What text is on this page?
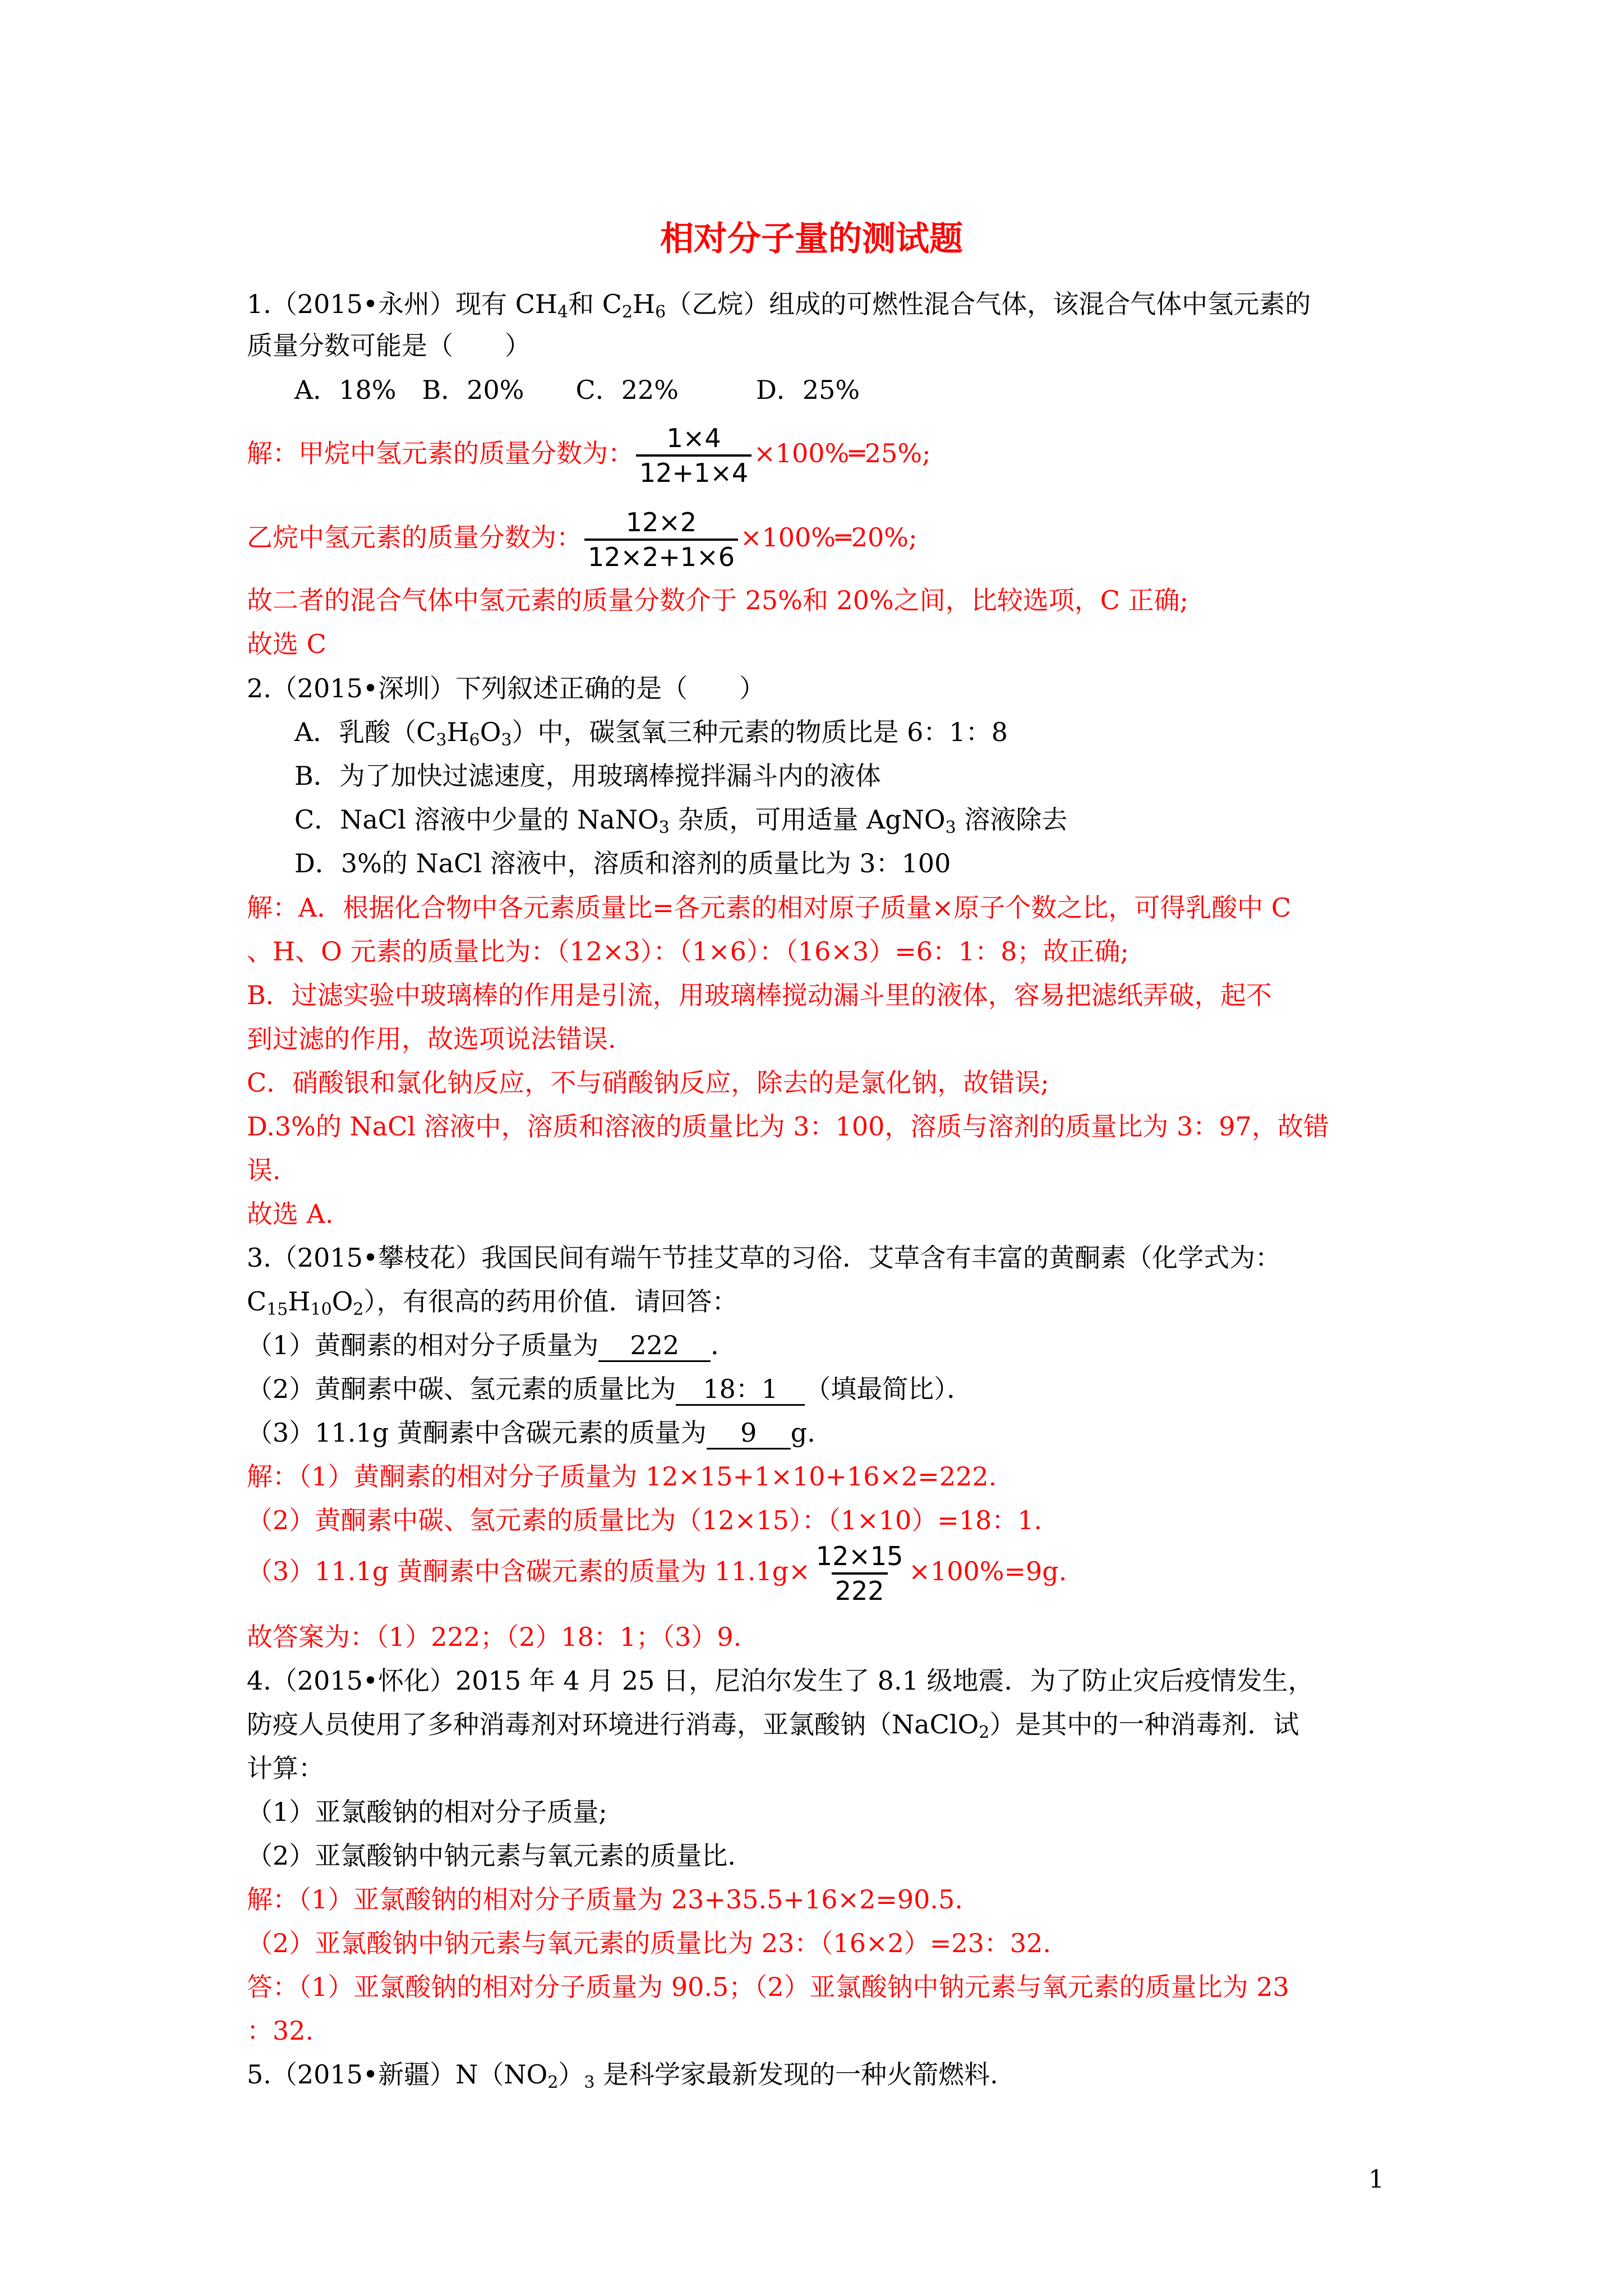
相对分子量的测试题
1.（2015•永州）现有 $CH_4$和 $C_2H_6$（乙烷）组成的可燃性混合气体，该混合气体中氢元素的
质量分数可能是（　　）
A．18%　B．20%　　C．22%　　　D．25%
解：甲烷中氢元素的质量分数为： $\frac{1\times 4}{12+1\times 4}$ ×100%═25%;
乙烷中氢元素的质量分数为： $\frac{12\times 2}{12\times 2+1\times 6}$ ×100%═20%;
故二者的混合气体中氢元素的质量分数介于 25%和 20%之间，比较选项，C 正确;
故选 C
2.（2015•深圳）下列叙述正确的是（　　）
A．乳酸$(C_3H_6O_3)$中，碳氢氧三种元素的物质比是 6：1：8
B．为了加快过滤速度，用玻璃棒搅拌漏斗内的液体
C．NaCl 溶液中少量的 NaNO$_3$ 杂质，可用适量 AgNO$_3$ 溶液除去
D．3%的 NaCl 溶液中，溶质和溶剂的质量比为 3：100
解：A．根据化合物中各元素质量比=各元素的相对原子质量×原子个数之比，可得乳酸中 C
、H、O 元素的质量比为：（12×3）：（1×6）：（16×3）=6：1：8；故正确;
B．过滤实验中玻璃棒的作用是引流，用玻璃棒搅动漏斗里的液体，容易把滤纸弄破，起不
到过滤的作用，故选项说法错误.
C．硝酸银和氯化钠反应，不与硝酸钠反应，除去的是氯化钠，故错误;
D.3%的 NaCl 溶液中，溶质和溶液的质量比为 3：100，溶质与溶剂的质量比为 3：97，故错
误.
故选 A.
3.（2015•攀枝花）我国民间有端午节挂艾草的习俗．艾草含有丰富的黄酮素（化学式为：
$C_{15}H_{10}O_2$），有很高的药用价值．请回答：
（1）黄酮素的相对分子质量为 222 ．
（2）黄酮素中碳、氢元素的质量比为 18：1 （填最简比）．
（3）11.1g 黄酮素中含碳元素的质量为 9 g.
解：（1）黄酮素的相对分子质量为 12×15+1×10+16×2=222.
（2）黄酮素中碳、氢元素的质量比为（12×15）：（1×10）=18：1.
（3）11.1g 黄酮素中含碳元素的质量为 $11.1g\times \frac{12\times 15}{222} \times 100\%=9g$.
故答案为：（1）222；（2）18：1；（3）9.
4.（2015•怀化）2015 年 4 月 25 日，尼泊尔发生了 8.1 级地震．为了防止灾后疫情发生，
防疫人员使用了多种消毒剂对环境进行消毒，亚氯酸钠（NaClO$_2$）是其中的一种消毒剂．试
计算：
（1）亚氯酸钠的相对分子质量;
（2）亚氯酸钠中钠元素与氧元素的质量比.
解：（1）亚氯酸钠的相对分子质量为 23+35.5+16×2=90.5.
（2）亚氯酸钠中钠元素与氧元素的质量比为 23：（16×2）=23：32.
答：（1）亚氯酸钠的相对分子质量为 90.5；（2）亚氯酸钠中钠元素与氧元素的质量比为 23
：32.
5.（2015•新疆）$N(NO_2)_3$ 是科学家最新发现的一种火箭燃料.
1
